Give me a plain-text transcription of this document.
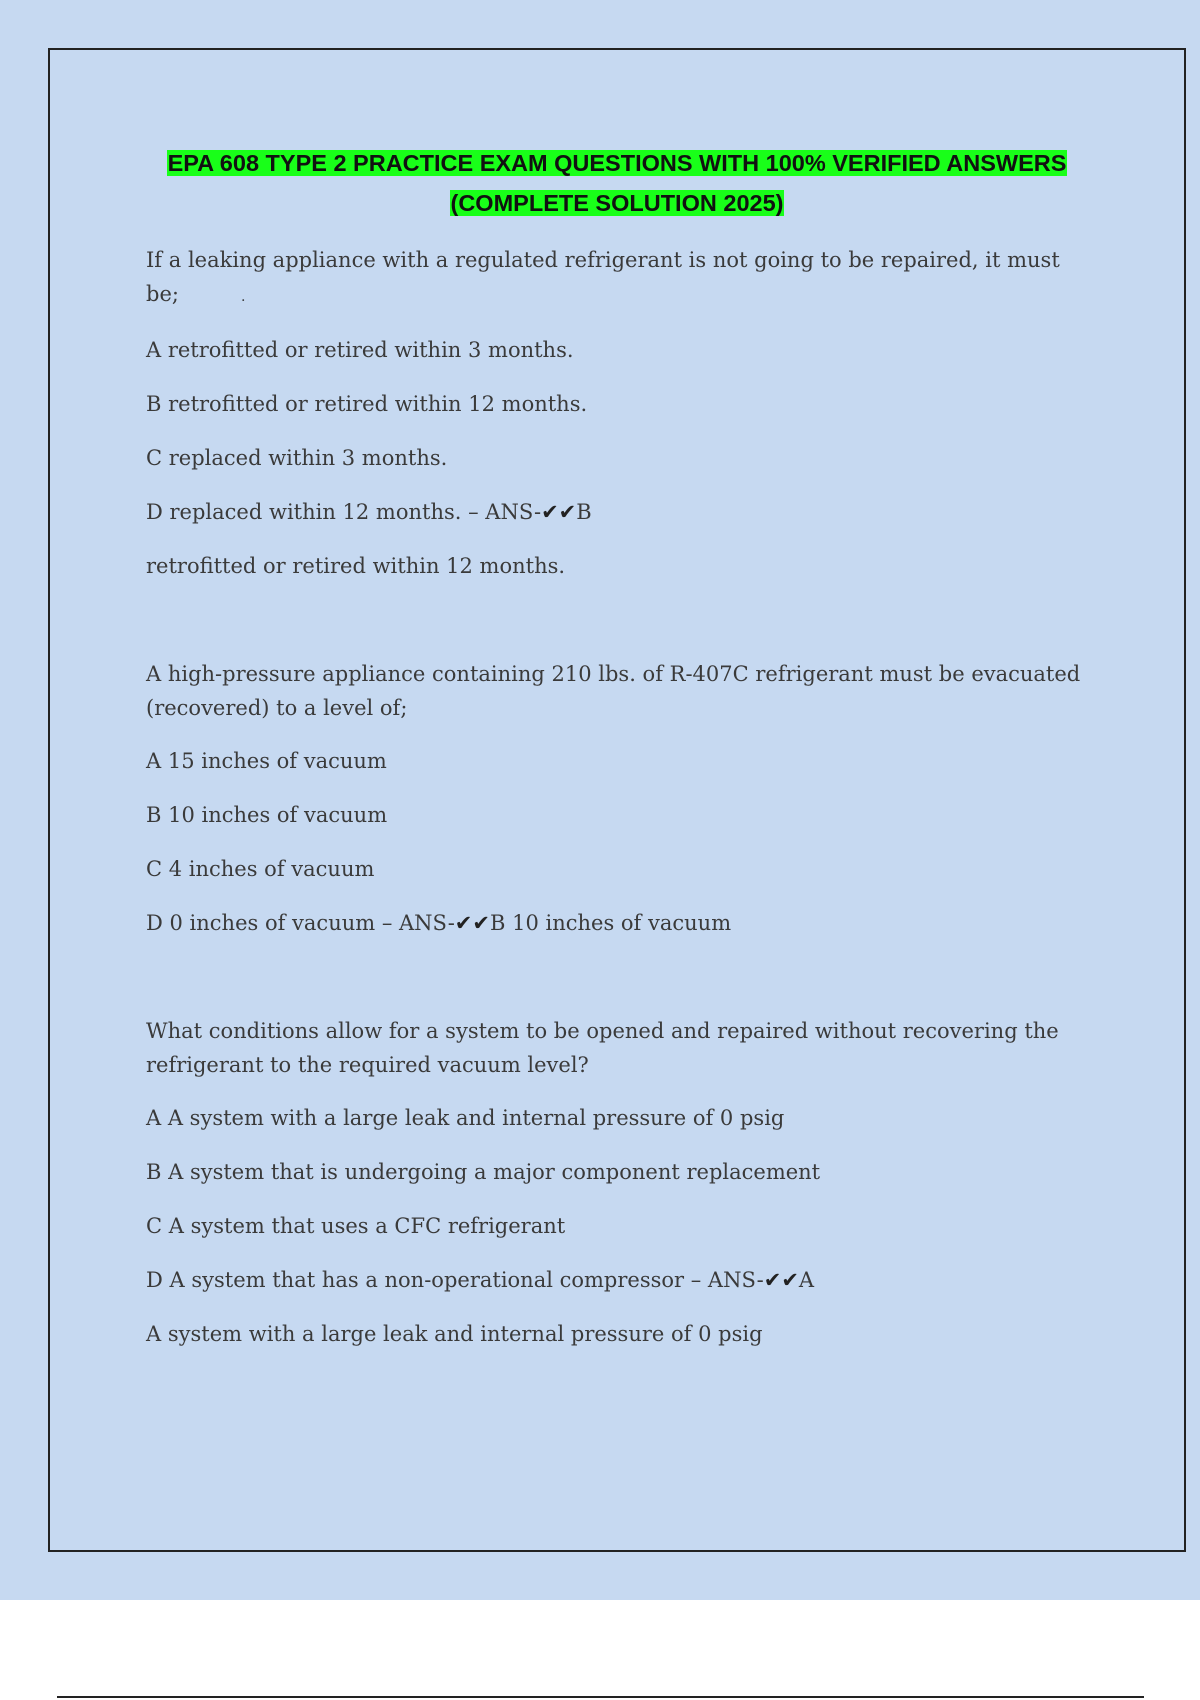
EPA 608 TYPE 2 PRACTICE EXAM QUESTIONS WITH 100% VERIFIED ANSWERS
(COMPLETE SOLUTION 2025)

If a leaking appliance with a regulated refrigerant is not going to be repaired, it must be;	.

A retrofitted or retired within 3 months.

B retrofitted or retired within 12 months.

C replaced within 3 months.

D replaced within 12 months. – ANS-✔✔B

retrofitted or retired within 12 months.

A high-pressure appliance containing 210 lbs. of R-407C refrigerant must be evacuated (recovered) to a level of;

A 15 inches of vacuum

B 10 inches of vacuum

C 4 inches of vacuum

D 0 inches of vacuum – ANS-✔✔B 10 inches of vacuum

What conditions allow for a system to be opened and repaired without recovering the refrigerant to the required vacuum level?

A A system with a large leak and internal pressure of 0 psig

B A system that is undergoing a major component replacement

C A system that uses a CFC refrigerant

D A system that has a non-operational compressor – ANS-✔✔A

A system with a large leak and internal pressure of 0 psig
